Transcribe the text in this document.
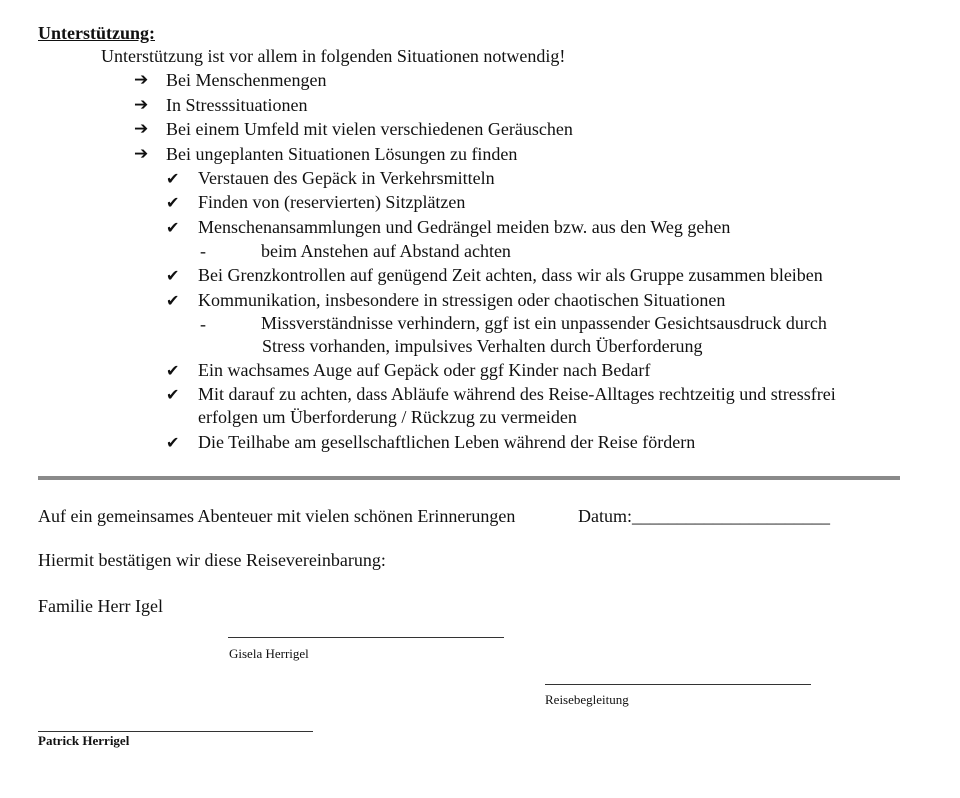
Unterstützung:
Unterstützung ist vor allem in folgenden Situationen notwendig!
➔ Bei Menschenmengen
➔ In Stresssituationen
➔ Bei einem Umfeld mit vielen verschiedenen Geräuschen
➔ Bei ungeplanten Situationen Lösungen zu finden
✔ Verstauen des Gepäck in Verkehrsmitteln
✔ Finden von (reservierten) Sitzplätzen
✔ Menschenansammlungen und Gedrängel meiden bzw. aus den Weg gehen
-	beim Anstehen auf Abstand achten
✔ Bei Grenzkontrollen auf genügend Zeit achten, dass wir als Gruppe zusammen bleiben
✔ Kommunikation, insbesondere in stressigen oder chaotischen Situationen
-	Missverständnisse verhindern, ggf ist ein unpassender Gesichtsausdruck durch
Stress vorhanden, impulsives Verhalten durch Überforderung
✔ Ein wachsames Auge auf Gepäck oder ggf Kinder nach Bedarf
✔ Mit darauf zu achten, dass Abläufe während des Reise-Alltages rechtzeitig und stressfrei
erfolgen um Überforderung / Rückzug zu vermeiden
✔ Die Teilhabe am gesellschaftlichen Leben während der Reise fördern
Auf ein gemeinsames Abenteuer mit vielen schönen Erinnerungen	Datum:______________________
Hiermit bestätigen wir diese Reisevereinbarung:
Familie Herr Igel
Gisela Herrigel
Reisebegleitung
Patrick Herrigel
